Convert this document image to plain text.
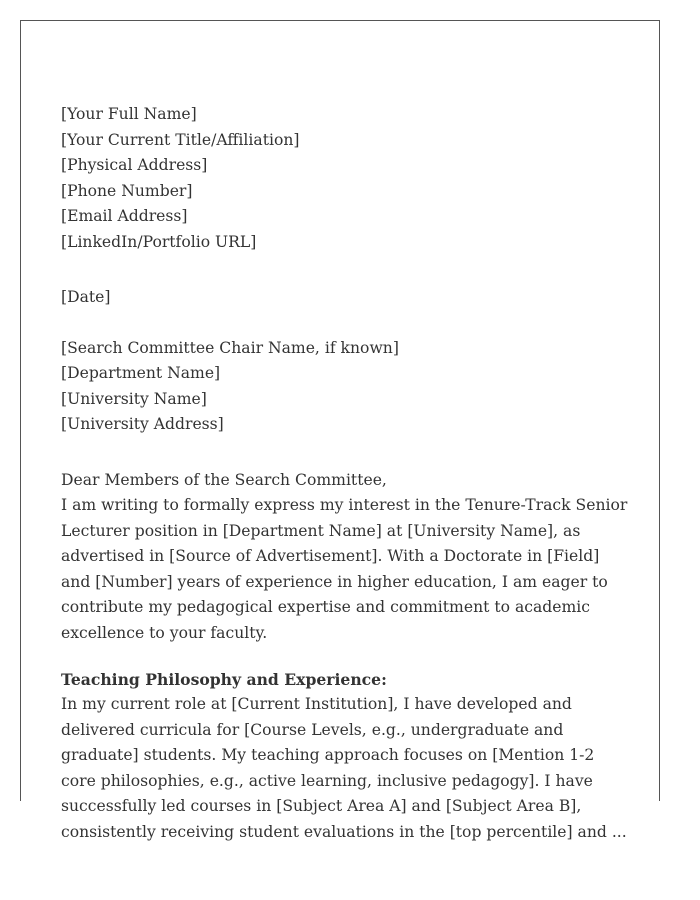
[Your Full Name]
[Your Current Title/Affiliation]
[Physical Address]
[Phone Number]
[Email Address]
[LinkedIn/Portfolio URL]
[Date]
[Search Committee Chair Name, if known]
[Department Name]
[University Name]
[University Address]
Dear Members of the Search Committee,

I am writing to formally express my interest in the Tenure-Track Senior Lecturer position in [Department Name] at [University Name], as advertised in [Source of Advertisement]. With a Doctorate in [Field] and [Number] years of experience in higher education, I am eager to contribute my pedagogical expertise and commitment to academic excellence to your faculty.

Teaching Philosophy and Experience:

In my current role at [Current Institution], I have developed and delivered curricula for [Course Levels, e.g., undergraduate and graduate] students. My teaching approach focuses on [Mention 1-2 core philosophies, e.g., active learning, inclusive pedagogy]. I have successfully led courses in [Subject Area A] and [Subject Area B], consistently receiving student evaluations in the [top percentile] and ...
